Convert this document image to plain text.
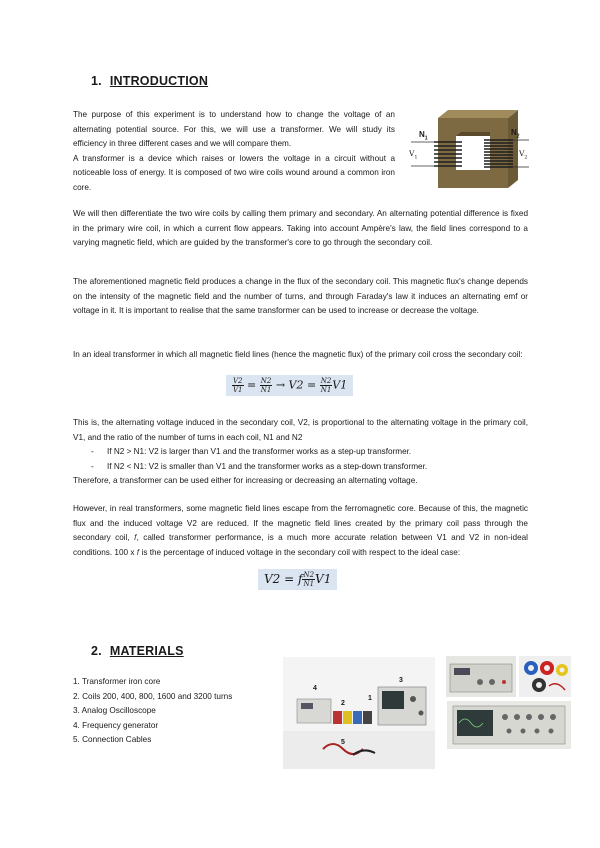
1. INTRODUCTION
The purpose of this experiment is to understand how to change the voltage of an alternating potential source. For this, we will use a transformer. We will study its efficiency in three different cases and we will compare them.
A transformer is a device which raises or lowers the voltage in a circuit without a noticeable loss of energy. It is composed of two wire coils wound around a common iron core.
$N_1$
$N_2$
$V_1$	$V_2$
We will then differentiate the two wire coils by calling them primary and secondary. An alternating potential difference is fixed in the primary wire coil, in which a current flow appears. Taking into account Ampère's law, the field lines correspond to a varying magnetic field, which are guided by the transformer's core to go through the secondary coil.
The aforementioned magnetic field produces a change in the flux of the secondary coil. This magnetic flux's change depends on the intensity of the magnetic field and the number of turns, and through Faraday's law it induces an alternating emf or voltage in it. It is important to realise that the same transformer can be used to increase or decrease the voltage.
In an ideal transformer in which all magnetic field lines (hence the magnetic flux) of the primary coil cross the secondary coil:
$\frac{V2}{V1} = \frac{N2}{N1} \to V2 = \frac{N2}{N1} V1$
This is, the alternating voltage induced in the secondary coil, V2, is proportional to the alternating voltage in the primary coil, V1, and the ratio of the number of turns in each coil, N1 and N2
- If N2 > N1: V2 is larger than V1 and the transformer works as a step-up transformer.
- If N2 < N1: V2 is smaller than V1 and the transformer works as a step-down transformer.
Therefore, a transformer can be used either for increasing or decreasing an alternating voltage.
However, in real transformers, some magnetic field lines escape from the ferromagnetic core. Because of this, the magnetic flux and the induced voltage V2 are reduced. If the magnetic field lines created by the primary coil pass through the secondary coil, 𝑓, called transformer performance, is a much more accurate relation between V1 and V2 in non-ideal conditions. 100 x 𝑓 is the percentage of induced voltage in the secondary coil with respect to the ideal case:
V2 = f $\frac{N2}{N1} V1$
2. MATERIALS
1. Transformer iron core
2. Coils 200, 400, 800, 1600 and 3200 turns
3. Analog Oscilloscope
4. Frequency generator
5. Connection Cables
4
3
2
1
5
